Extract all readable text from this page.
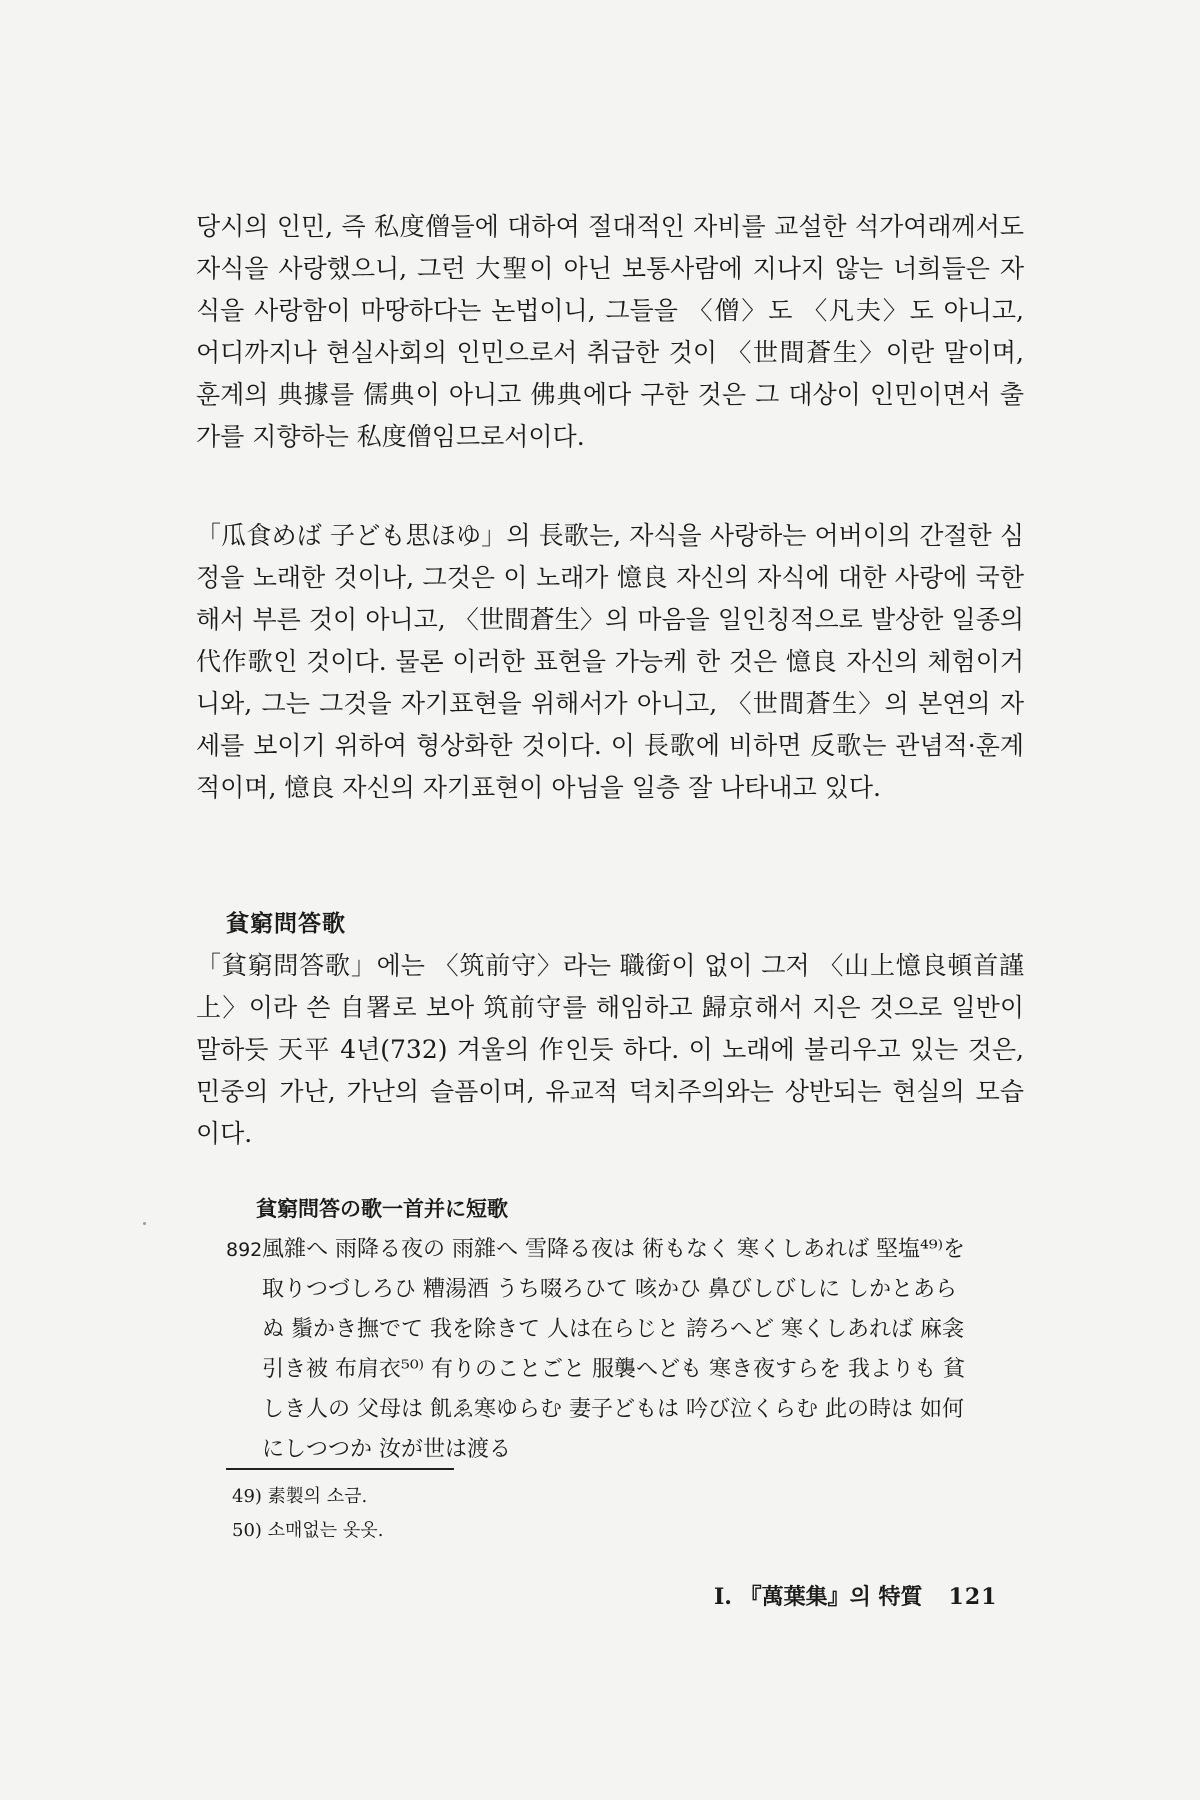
당시의 인민, 즉 私度僧들에 대하여 절대적인 자비를 교설한 석가여래께서도 자식을 사랑했으니, 그런 大聖이 아닌 보통사람에 지나지 않는 너희들은 자식을 사랑함이 마땅하다는 논법이니, 그들을 〈僧〉도 〈凡夫〉도 아니고, 어디까지나 현실사회의 인민으로서 취급한 것이 〈世間蒼生〉이란 말이며, 훈계의 典據를 儒典이 아니고 佛典에다 구한 것은 그 대상이 인민이면서 출가를 지향하는 私度僧임므로서이다.

「瓜食めば 子ども思ほゆ」의 長歌는, 자식을 사랑하는 어버이의 간절한 심정을 노래한 것이나, 그것은 이 노래가 憶良 자신의 자식에 대한 사랑에 국한해서 부른 것이 아니고, 〈世間蒼生〉의 마음을 일인칭적으로 발상한 일종의 代作歌인 것이다. 물론 이러한 표현을 가능케 한 것은 憶良 자신의 체험이거니와, 그는 그것을 자기표현을 위해서가 아니고, 〈世間蒼生〉의 본연의 자세를 보이기 위하여 형상화한 것이다. 이 長歌에 비하면 反歌는 관념적·훈계적이며, 憶良 자신의 자기표현이 아님을 일층 잘 나타내고 있다.

貧窮問答歌

「貧窮問答歌」에는 〈筑前守〉라는 職銜이 없이 그저 〈山上憶良頓首謹上〉이라 쓴 自署로 보아 筑前守를 해임하고 歸京해서 지은 것으로 일반이 말하듯 天平 4년(732) 겨울의 作인듯 하다. 이 노래에 불리우고 있는 것은, 민중의 가난, 가난의 슬픔이며, 유교적 덕치주의와는 상반되는 현실의 모습이다.

貧窮問答の歌一首并に短歌
892風雜へ 雨降る夜の 雨雜へ 雪降る夜は 術もなく 寒くしあれば 堅塩⁴⁹⁾を
取りつづしろひ 糟湯酒 うち啜ろひて 咳かひ 鼻びしびしに しかとあら
ぬ 鬚かき撫でて 我を除きて 人は在らじと 誇ろへど 寒くしあれば 麻衾
引き被 布肩衣⁵⁰⁾ 有りのことごと 服襲へども 寒き夜すらを 我よりも 貧
しき人の 父母は 飢ゑ寒ゆらむ 妻子どもは 吟び泣くらむ 此の時は 如何
にしつつか 汝が世は渡る
49) 素製의 소금.
50) 소매없는 옷옷.
Ⅰ. 『萬葉集』의 特質 121
